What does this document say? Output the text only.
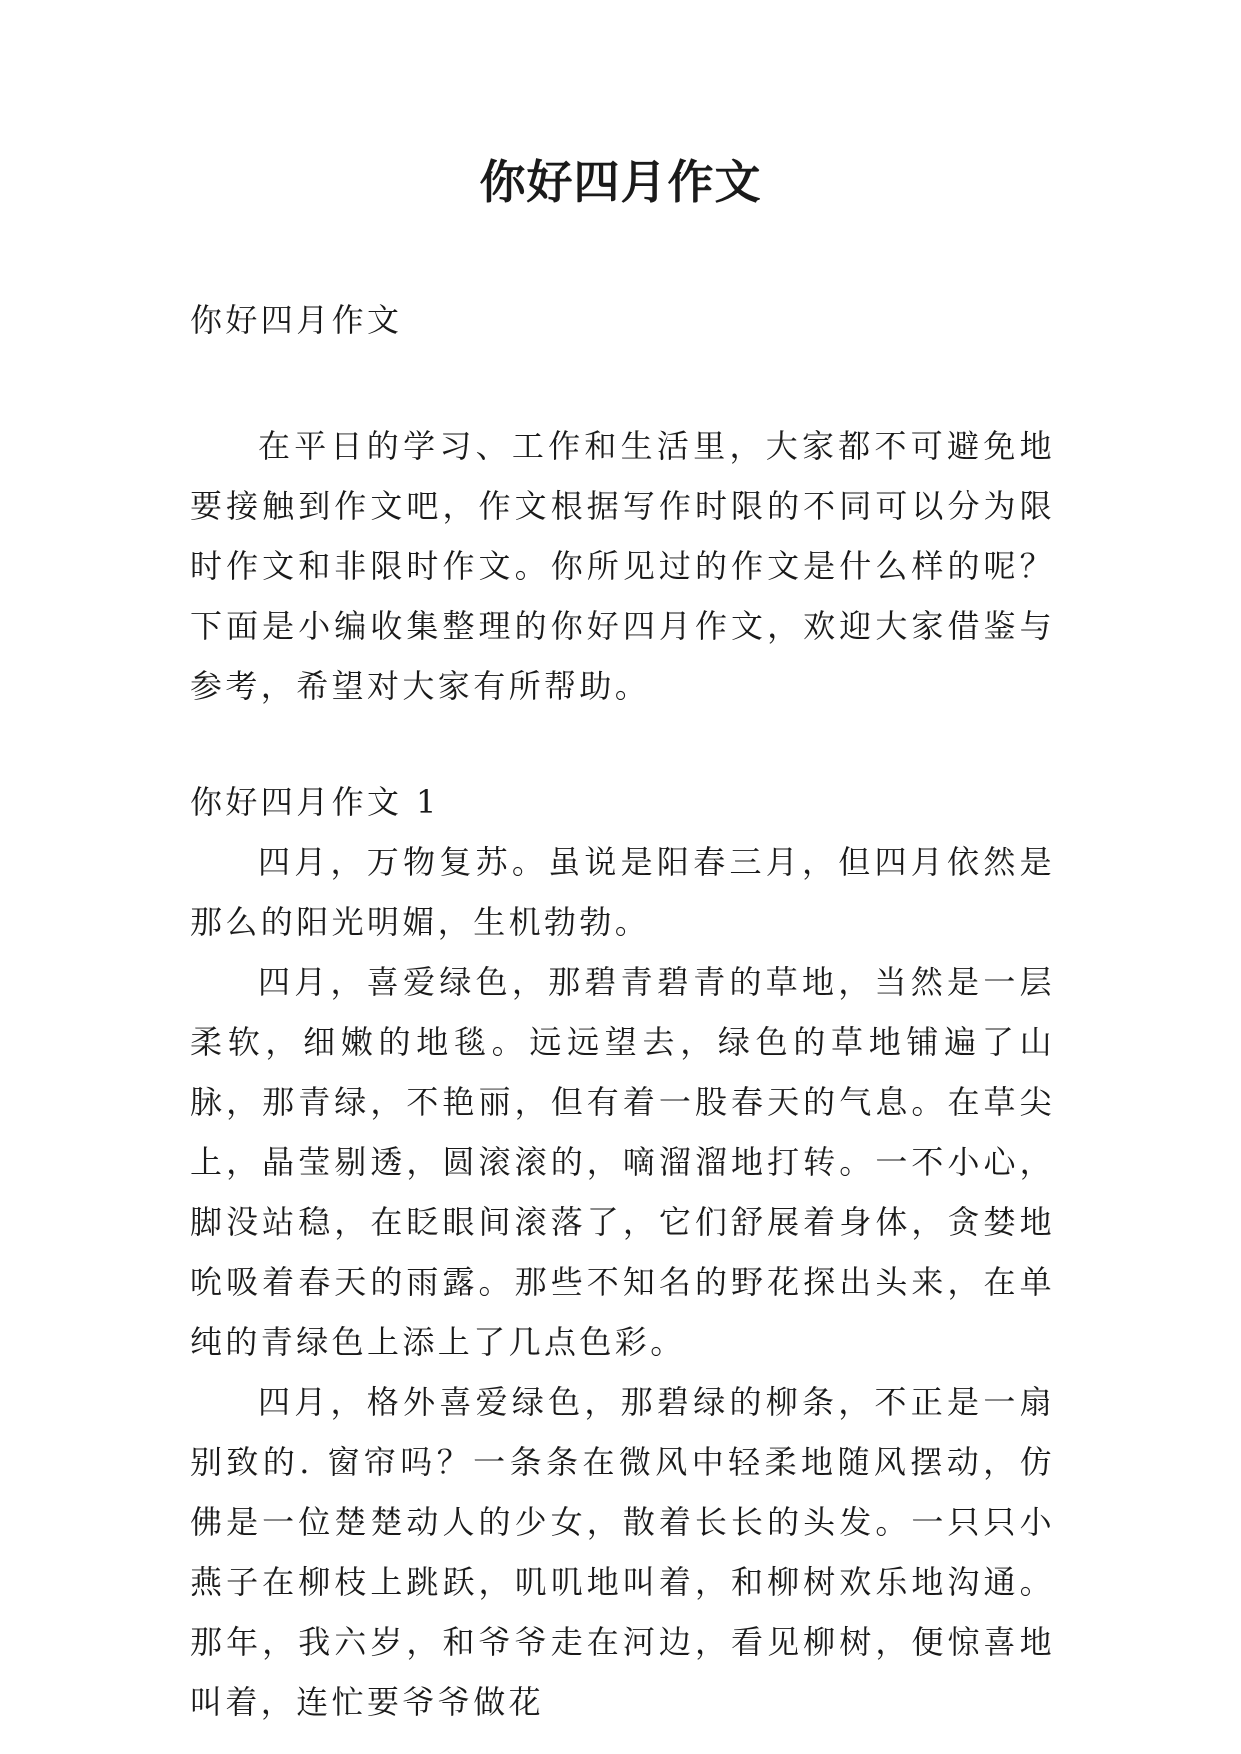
你好四月作文

你好四月作文

在平日的学习、工作和生活里，大家都不可避免地要接触到作文吧，作文根据写作时限的不同可以分为限时作文和非限时作文。你所见过的作文是什么样的呢？下面是小编收集整理的你好四月作文，欢迎大家借鉴与参考，希望对大家有所帮助。

你好四月作文 1

四月，万物复苏。虽说是阳春三月，但四月依然是那么的阳光明媚，生机勃勃。

四月，喜爱绿色，那碧青碧青的草地，当然是一层柔软，细嫩的地毯。远远望去，绿色的草地铺遍了山脉，那青绿，不艳丽，但有着一股春天的气息。在草尖上，晶莹剔透，圆滚滚的，嘀溜溜地打转。一不小心，脚没站稳，在眨眼间滚落了，它们舒展着身体，贪婪地吮吸着春天的雨露。那些不知名的野花探出头来，在单纯的青绿色上添上了几点色彩。

四月，格外喜爱绿色，那碧绿的柳条，不正是一扇别致的. 窗帘吗？一条条在微风中轻柔地随风摆动，仿佛是一位楚楚动人的少女，散着长长的头发。一只只小燕子在柳枝上跳跃，叽叽地叫着，和柳树欢乐地沟通。那年，我六岁，和爷爷走在河边，看见柳树，便惊喜地叫着，连忙要爷爷做花
